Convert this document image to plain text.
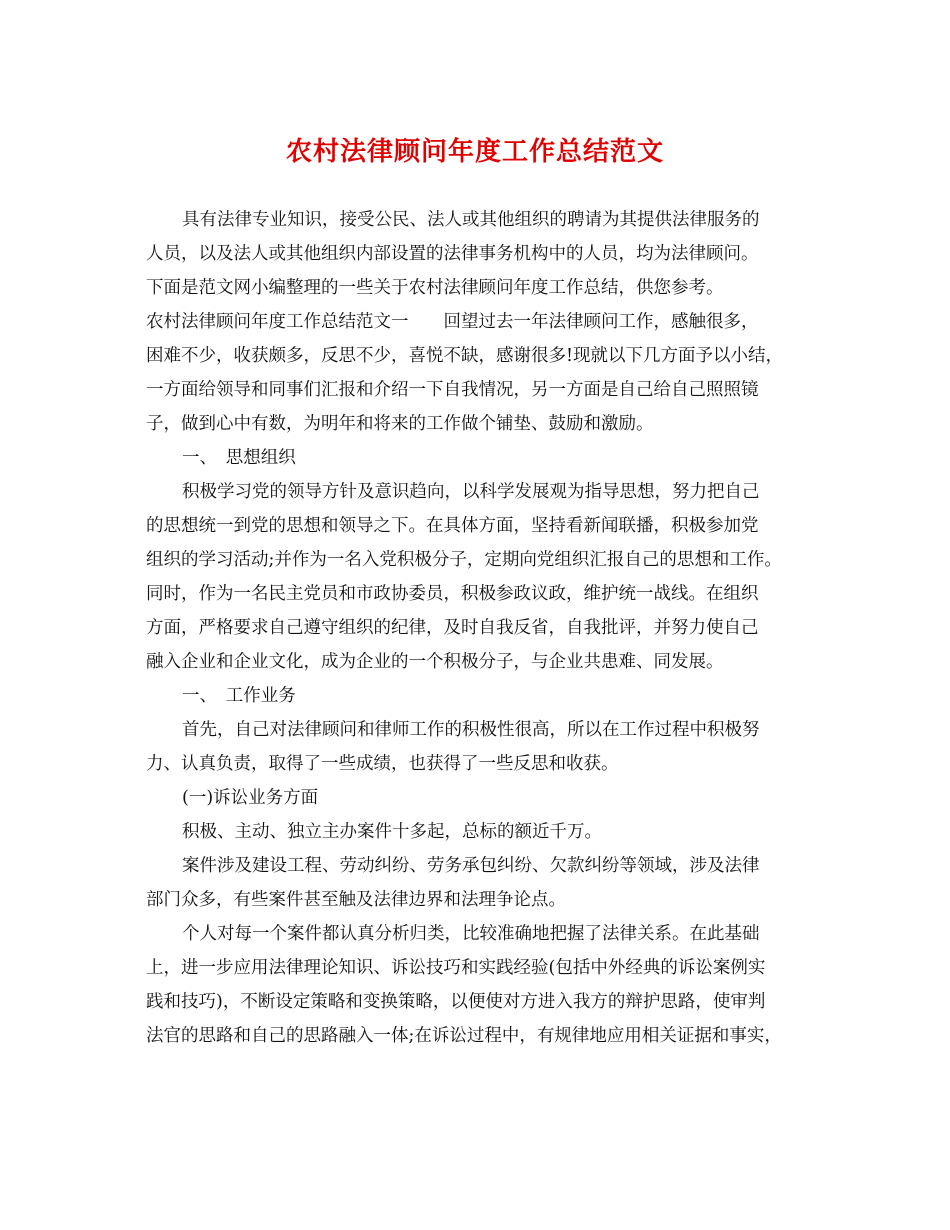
农村法律顾问年度工作总结范文
具有法律专业知识，接受公民、法人或其他组织的聘请为其提供法律服务的
人员，以及法人或其他组织内部设置的法律事务机构中的人员，均为法律顾问。
下面是范文网小编整理的一些关于农村法律顾问年度工作总结，供您参考。
农村法律顾问年度工作总结范文一　　回望过去一年法律顾问工作，感触很多，
困难不少，收获颇多，反思不少，喜悦不缺，感谢很多!现就以下几方面予以小结，
一方面给领导和同事们汇报和介绍一下自我情况，另一方面是自己给自己照照镜
子，做到心中有数，为明年和将来的工作做个铺垫、鼓励和激励。
一、　思想组织
积极学习党的领导方针及意识趋向，以科学发展观为指导思想，努力把自己
的思想统一到党的思想和领导之下。在具体方面，坚持看新闻联播，积极参加党
组织的学习活动;并作为一名入党积极分子，定期向党组织汇报自己的思想和工作。
同时，作为一名民主党员和市政协委员，积极参政议政，维护统一战线。在组织
方面，严格要求自己遵守组织的纪律，及时自我反省，自我批评，并努力使自己
融入企业和企业文化，成为企业的一个积极分子，与企业共患难、同发展。
一、　工作业务
首先，自己对法律顾问和律师工作的积极性很高，所以在工作过程中积极努
力、认真负责，取得了一些成绩，也获得了一些反思和收获。
(一)诉讼业务方面
积极、主动、独立主办案件十多起，总标的额近千万。
案件涉及建设工程、劳动纠纷、劳务承包纠纷、欠款纠纷等领域，涉及法律
部门众多，有些案件甚至触及法律边界和法理争论点。
个人对每一个案件都认真分析归类，比较准确地把握了法律关系。在此基础
上，进一步应用法律理论知识、诉讼技巧和实践经验(包括中外经典的诉讼案例实
践和技巧)，不断设定策略和变换策略，以便使对方进入我方的辩护思路，使审判
法官的思路和自己的思路融入一体;在诉讼过程中，有规律地应用相关证据和事实，
